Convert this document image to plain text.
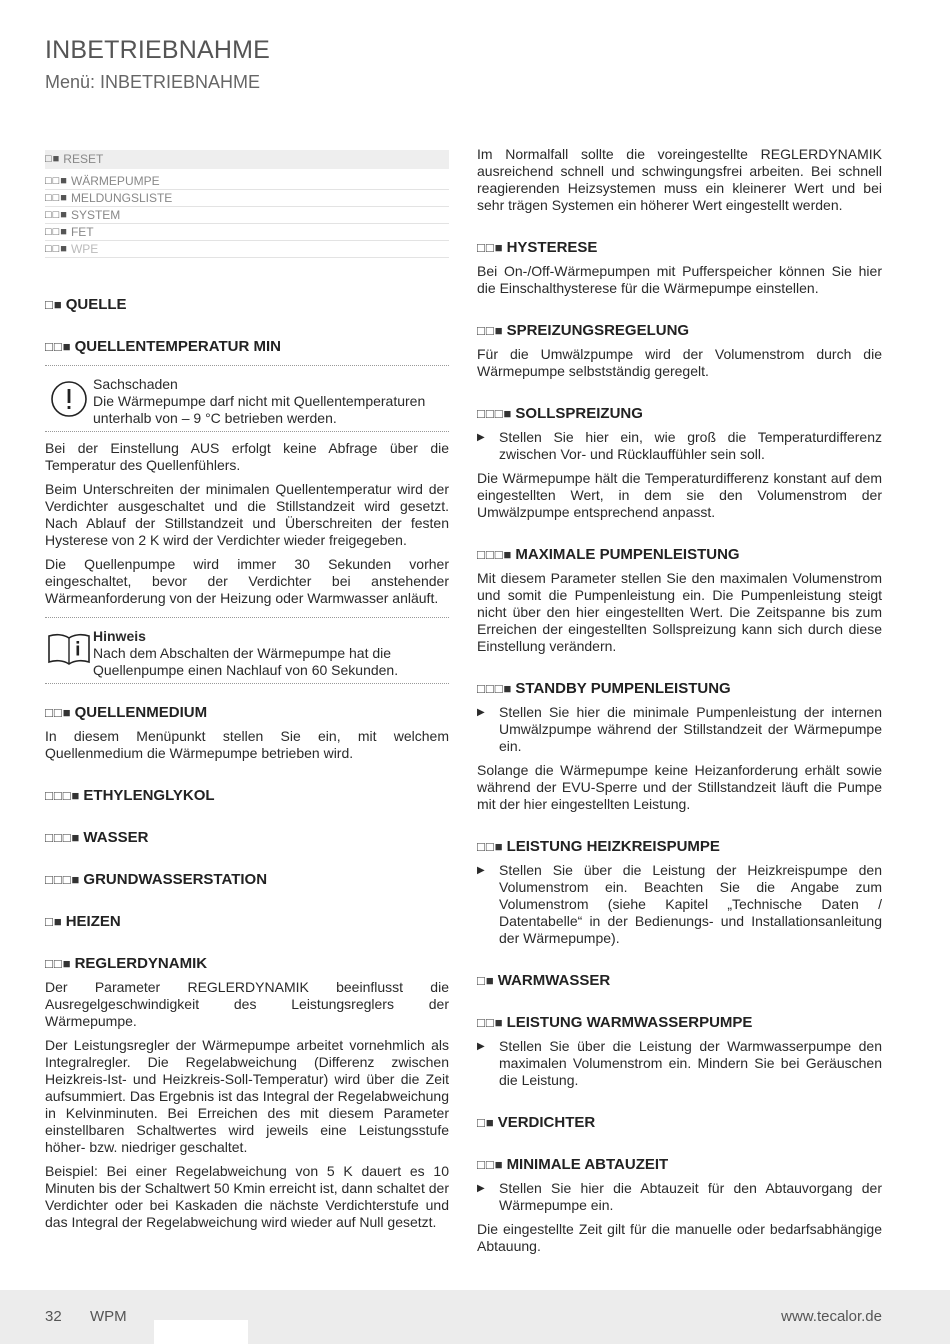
INBETRIEBNAHME
Menü: INBETRIEBNAHME
□■ RESET
□□■ WÄRMEPUMPE
□□■ MELDUNGSLISTE
□□■ SYSTEM
□□■ FET
□□■ WPE
□■ QUELLE
□□■ QUELLENTEMPERATUR MIN
Sachschaden
Die Wärmepumpe darf nicht mit Quellentemperaturen unterhalb von – 9 °C betrieben werden.

Bei der Einstellung AUS erfolgt keine Abfrage über die Temperatur des Quellenfühlers.

Beim Unterschreiten der minimalen Quellentemperatur wird der Verdichter ausgeschaltet und die Stillstandzeit wird gesetzt. Nach Ablauf der Stillstandzeit und Überschreiten der festen Hysterese von 2 K wird der Verdichter wieder freigegeben.

Die Quellenpumpe wird immer 30 Sekunden vorher eingeschaltet, bevor der Verdichter bei anstehender Wärmeanforderung von der Heizung oder Warmwasser anläuft.

Hinweis
Nach dem Abschalten der Wärmepumpe hat die Quellenpumpe einen Nachlauf von 60 Sekunden.
□□■ QUELLENMEDIUM

In diesem Menüpunkt stellen Sie ein, mit welchem Quellenmedium die Wärmepumpe betrieben wird.

□□□■ ETHYLENGLYKOL
□□□■ WASSER
□□□■ GRUNDWASSERSTATION
□■ HEIZEN
□□■ REGLERDYNAMIK

Der Parameter REGLERDYNAMIK beeinflusst die Ausregelgeschwindigkeit des Leistungsreglers der Wärmepumpe.

Der Leistungsregler der Wärmepumpe arbeitet vornehmlich als Integralregler. Die Regelabweichung (Differenz zwischen Heizkreis-Ist- und Heizkreis-Soll-Temperatur) wird über die Zeit aufsummiert. Das Ergebnis ist das Integral der Regelabweichung in Kelvinminuten. Bei Erreichen des mit diesem Parameter einstellbaren Schaltwertes wird jeweils eine Leistungsstufe höher- bzw. niedriger geschaltet.

Beispiel: Bei einer Regelabweichung von 5 K dauert es 10 Minuten bis der Schaltwert 50 Kmin erreicht ist, dann schaltet der Verdichter oder bei Kaskaden die nächste Verdichterstufe und das Integral der Regelabweichung wird wieder auf Null gesetzt.

Im Normalfall sollte die voreingestellte REGLERDYNAMIK ausreichend schnell und schwingungsfrei arbeiten. Bei schnell reagierenden Heizsystemen muss ein kleinerer Wert und bei sehr trägen Systemen ein höherer Wert eingestellt werden.

□□■ HYSTERESE

Bei On-/Off-Wärmepumpen mit Pufferspeicher können Sie hier die Einschalthysterese für die Wärmepumpe einstellen.

□□■ SPREIZUNGSREGELUNG

Für die Umwälzpumpe wird der Volumenstrom durch die Wärmepumpe selbstständig geregelt.

□□□■ SOLLSPREIZUNG
▶	Stellen Sie hier ein, wie groß die Temperaturdifferenz zwischen Vor- und Rücklauffühler sein soll.

Die Wärmepumpe hält die Temperaturdifferenz konstant auf dem eingestellten Wert, in dem sie den Volumenstrom der Umwälzpumpe entsprechend anpasst.

□□□■ MAXIMALE PUMPENLEISTUNG

Mit diesem Parameter stellen Sie den maximalen Volumenstrom und somit die Pumpenleistung ein. Die Pumpenleistung steigt nicht über den hier eingestellten Wert. Die Zeitspanne bis zum Erreichen der eingestellten Sollspreizung kann sich durch diese Einstellung verändern.

□□□■ STANDBY PUMPENLEISTUNG
▶	Stellen Sie hier die minimale Pumpenleistung der internen Umwälzpumpe während der Stillstandzeit der Wärmepumpe ein.

Solange die Wärmepumpe keine Heizanforderung erhält sowie während der EVU-Sperre und der Stillstandzeit läuft die Pumpe mit der hier eingestellten Leistung.

□□■ LEISTUNG HEIZKREISPUMPE
▶	Stellen Sie über die Leistung der Heizkreispumpe den Volumenstrom ein. Beachten Sie die Angabe zum Volumenstrom (siehe Kapitel „Technische Daten / Datentabelle“ in der Bedienungs- und Installationsanleitung der Wärmepumpe).
□■ WARMWASSER
□□■ LEISTUNG WARMWASSERPUMPE
▶	Stellen Sie über die Leistung der Warmwasserpumpe den maximalen Volumenstrom ein. Mindern Sie bei Geräuschen die Leistung.
□■ VERDICHTER
□□■ MINIMALE ABTAUZEIT
▶	Stellen Sie hier die Abtauzeit für den Abtauvorgang der Wärmepumpe ein.

Die eingestellte Zeit gilt für die manuelle oder bedarfsabhängige Abtauung.

32 WPM	www.tecalor.de
